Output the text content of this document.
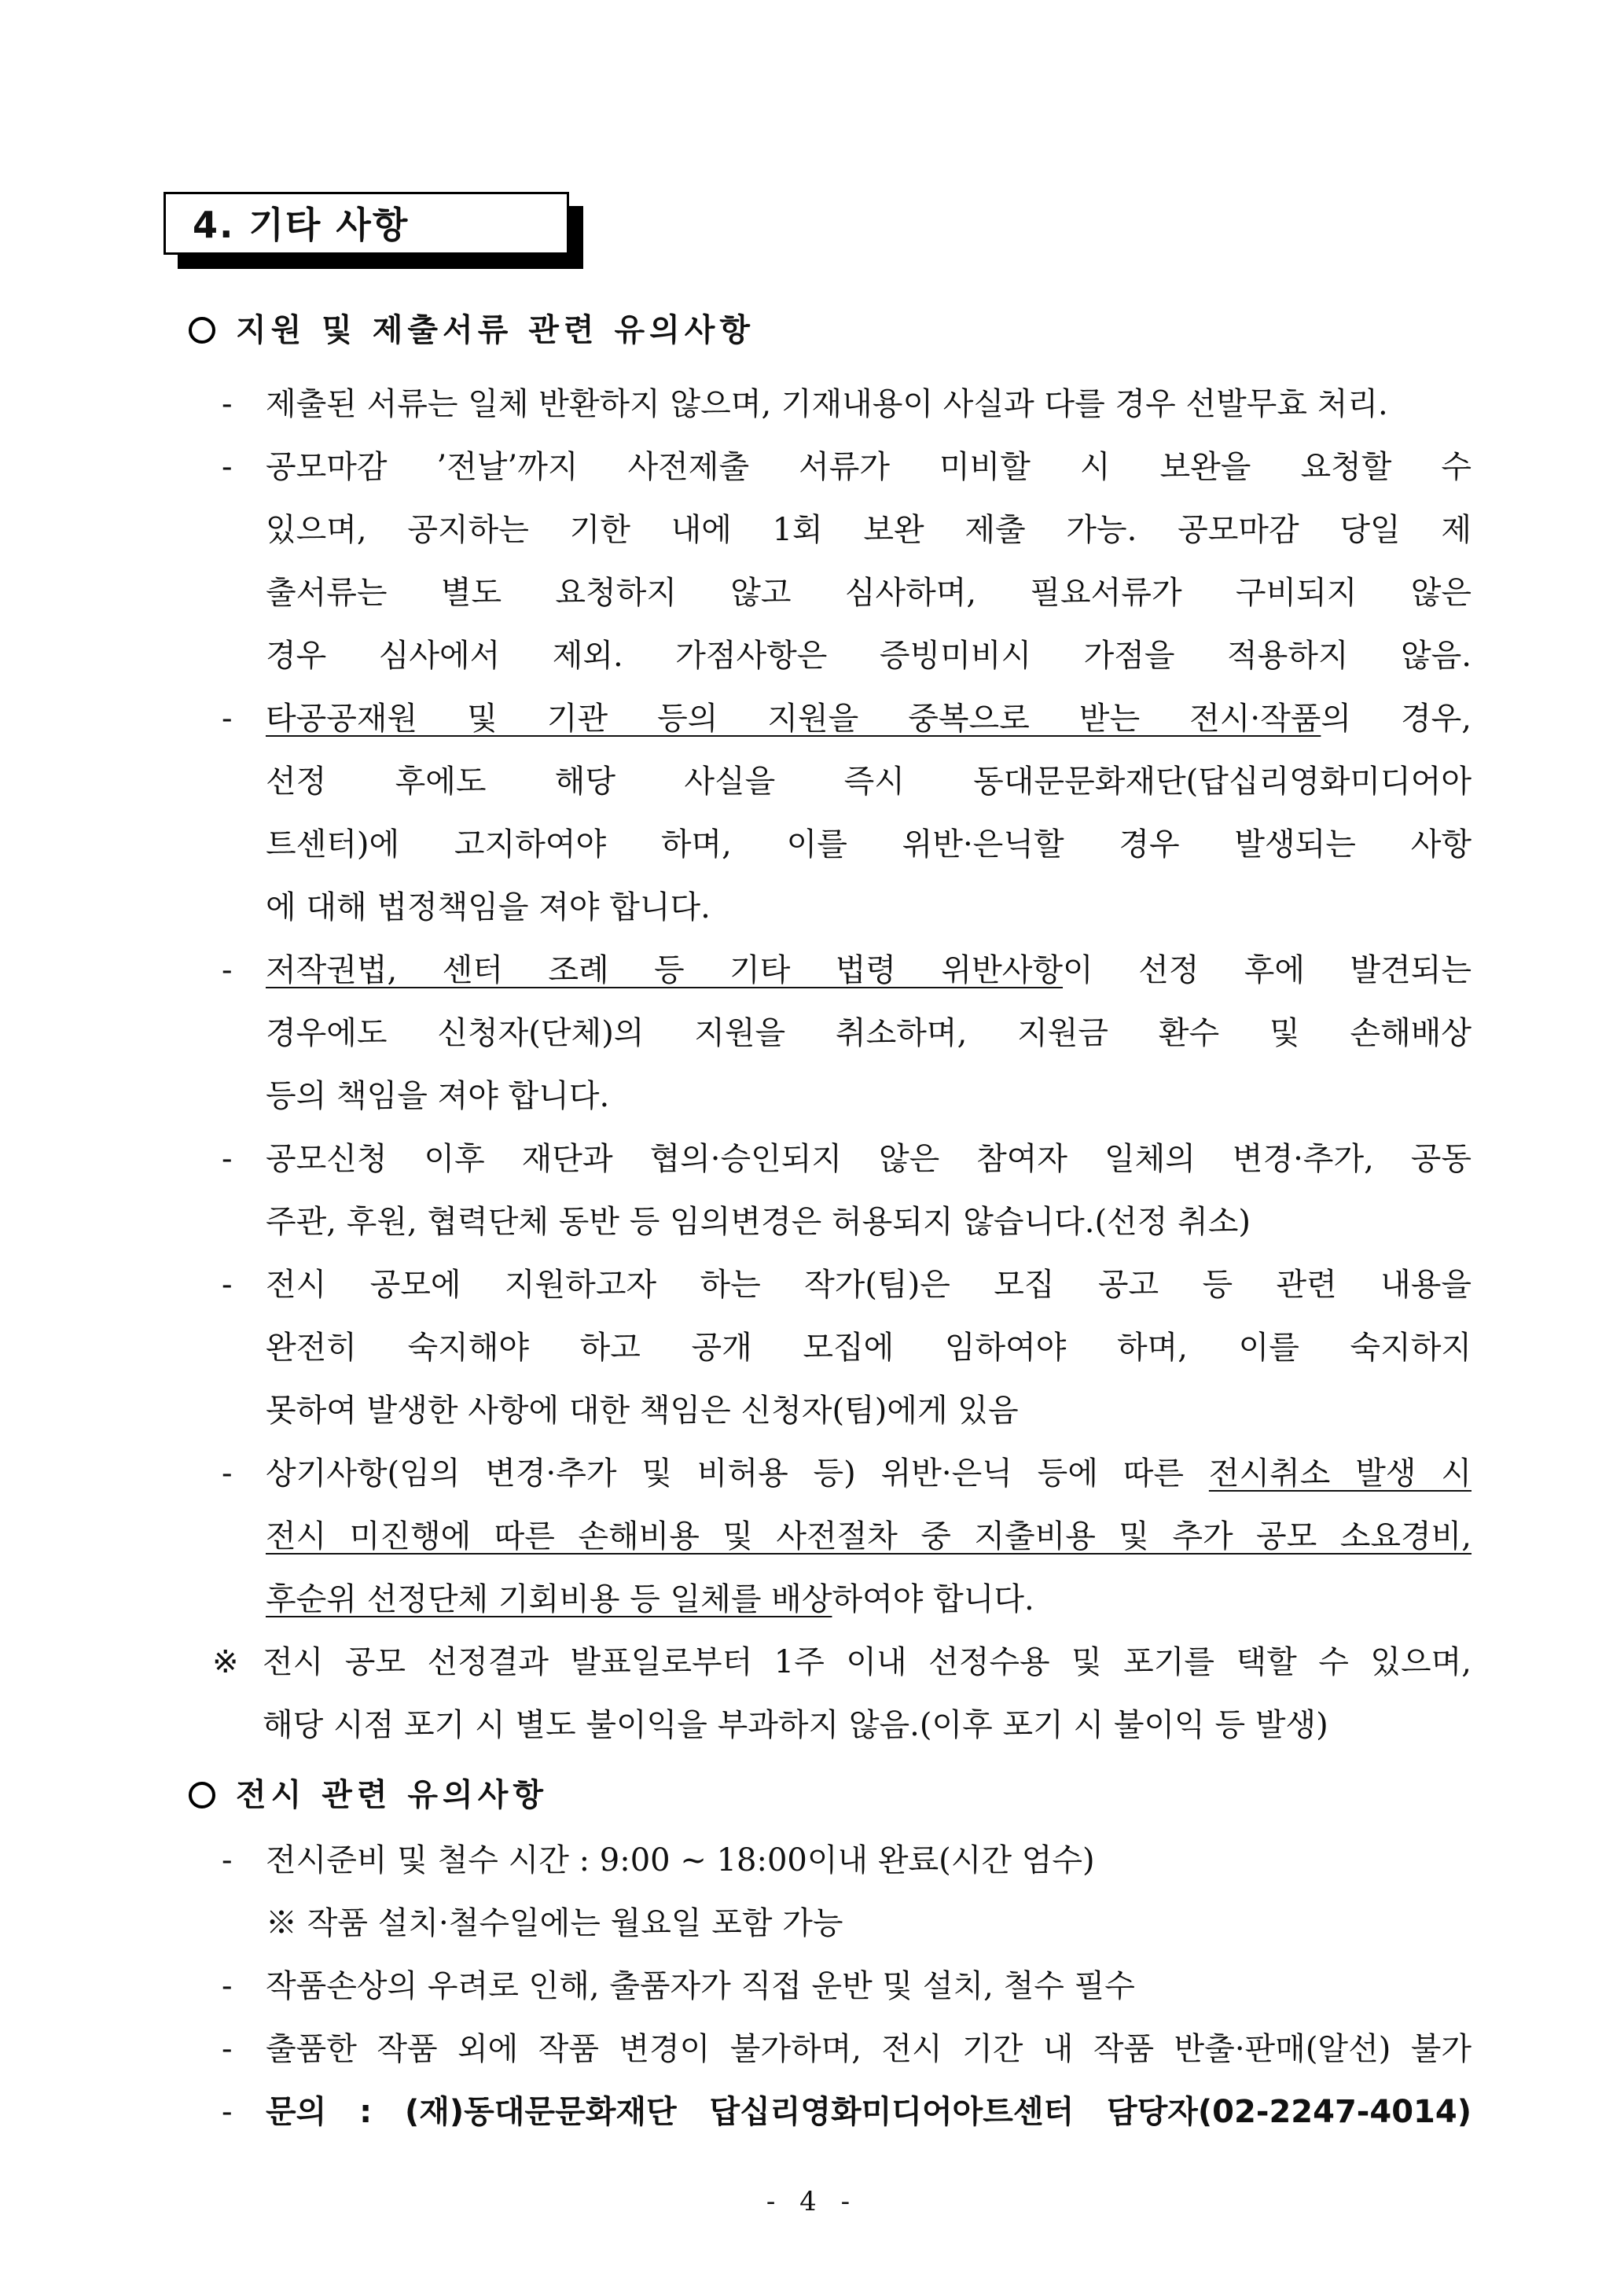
4. 기타 사항
지원 및 제출서류 관련 유의사항
- 제출된 서류는 일체 반환하지 않으며, 기재내용이 사실과 다를 경우 선발무효 처리.
- 공모마감 ’전날’까지 사전제출 서류가 미비할 시 보완을 요청할 수
있으며, 공지하는 기한 내에 1회 보완 제출 가능. 공모마감 당일 제
출서류는 별도 요청하지 않고 심사하며, 필요서류가 구비되지 않은
경우 심사에서 제외. 가점사항은 증빙미비시 가점을 적용하지 않음.
- 타공공재원 및 기관 등의 지원을 중복으로 받는 전시·작품의 경우,
선정 후에도 해당 사실을 즉시 동대문문화재단(답십리영화미디어아
트센터)에 고지하여야 하며, 이를 위반·은닉할 경우 발생되는 사항
에 대해 법정책임을 져야 합니다.
- 저작권법, 센터 조례 등 기타 법령 위반사항이 선정 후에 발견되는
경우에도 신청자(단체)의 지원을 취소하며, 지원금 환수 및 손해배상
등의 책임을 져야 합니다.
- 공모신청 이후 재단과 협의·승인되지 않은 참여자 일체의 변경·추가, 공동
주관, 후원, 협력단체 동반 등 임의변경은 허용되지 않습니다.(선정 취소)
- 전시 공모에 지원하고자 하는 작가(팀)은 모집 공고 등 관련 내용을
완전히 숙지해야 하고 공개 모집에 임하여야 하며, 이를 숙지하지
못하여 발생한 사항에 대한 책임은 신청자(팀)에게 있음
- 상기사항(임의 변경·추가 및 비허용 등) 위반·은닉 등에 따른 전시취소 발생 시
전시 미진행에 따른 손해비용 및 사전절차 중 지출비용 및 추가 공모 소요경비,
후순위 선정단체 기회비용 등 일체를 배상하여야 합니다.
※ 전시 공모 선정결과 발표일로부터 1주 이내 선정수용 및 포기를 택할 수 있으며,
해당 시점 포기 시 별도 불이익을 부과하지 않음.(이후 포기 시 불이익 등 발생)
전시 관련 유의사항
- 전시준비 및 철수 시간 : 9:00 ~ 18:00이내 완료(시간 엄수)
※ 작품 설치·철수일에는 월요일 포함 가능
- 작품손상의 우려로 인해, 출품자가 직접 운반 및 설치, 철수 필수
- 출품한 작품 외에 작품 변경이 불가하며, 전시 기간 내 작품 반출·판매(알선) 불가
- 문의 : (재)동대문문화재단 답십리영화미디어아트센터 담당자(02-2247-4014)
- 4 -
